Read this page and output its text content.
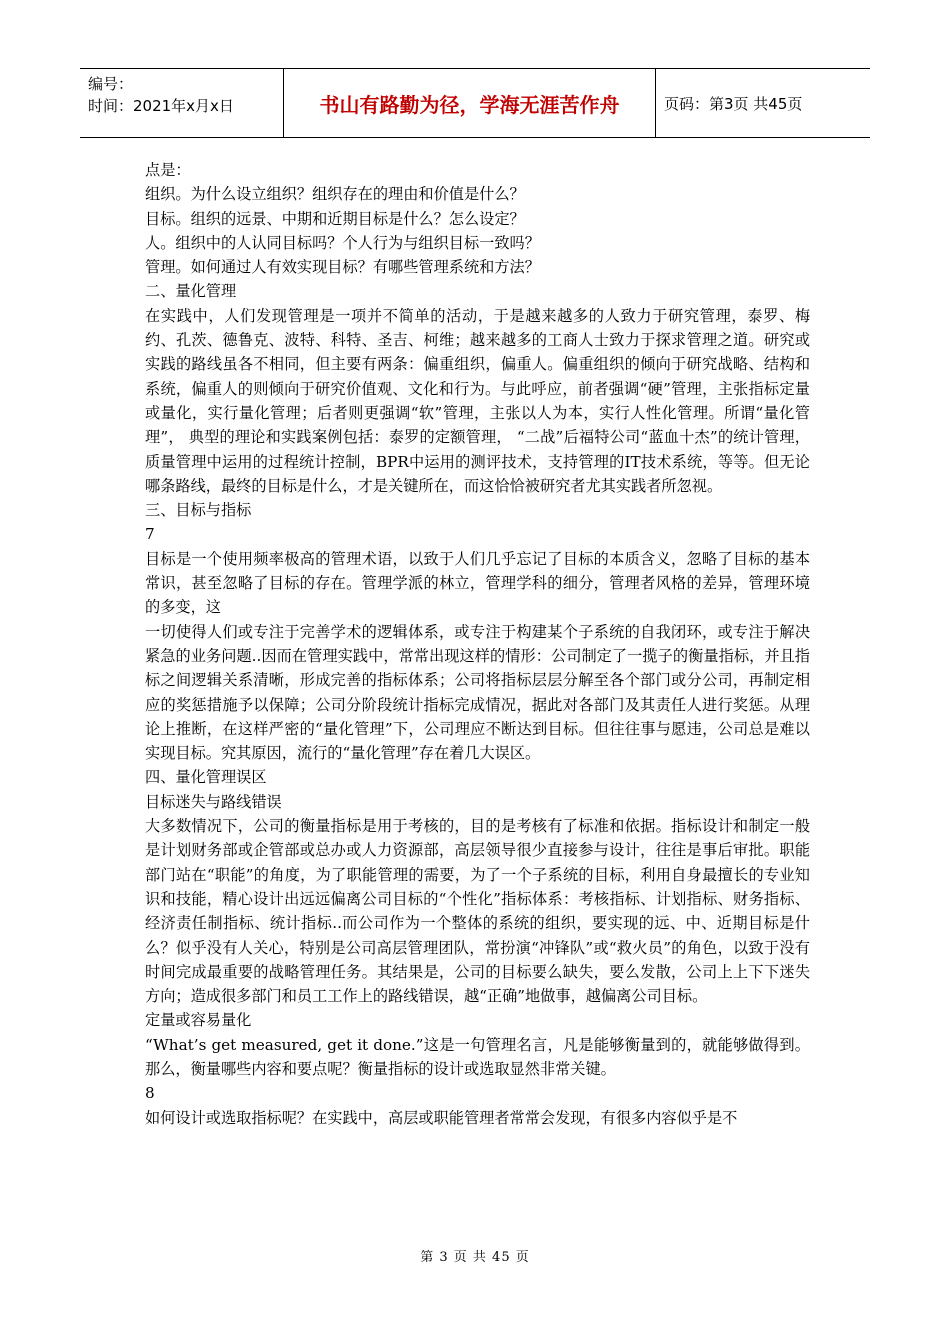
编号：
时间：2021年x月x日	书山有路勤为径，学海无涯苦作舟	页码：第3页 共45页

点是：

组织。为什么设立组织？组织存在的理由和价值是什么？

目标。组织的远景、中期和近期目标是什么？怎么设定？

人。组织中的人认同目标吗？个人行为与组织目标一致吗？

管理。如何通过人有效实现目标？有哪些管理系统和方法？

二、量化管理

在实践中，人们发现管理是一项并不简单的活动，于是越来越多的人致力于研究管理，泰罗、梅约、孔茨、德鲁克、波特、科特、圣吉、柯维；越来越多的工商人士致力于探求管理之道。研究或实践的路线虽各不相同，但主要有两条：偏重组织，偏重人。偏重组织的倾向于研究战略、结构和系统，偏重人的则倾向于研究价值观、文化和行为。与此呼应，前者强调“硬”管理，主张指标定量或量化，实行量化管理；后者则更强调“软”管理，主张以人为本，实行人性化管理。所谓“量化管理”， 典型的理论和实践案例包括：泰罗的定额管理， “二战”后福特公司“蓝血十杰”的统计管理，质量管理中运用的过程统计控制，BPR中运用的测评技术，支持管理的IT技术系统，等等。但无论哪条路线，最终的目标是什么，才是关键所在，而这恰恰被研究者尤其实践者所忽视。

三、目标与指标

7

目标是一个使用频率极高的管理术语，以致于人们几乎忘记了目标的本质含义，忽略了目标的基本常识，甚至忽略了目标的存在。管理学派的林立，管理学科的细分，管理者风格的差异，管理环境的多变，这

一切使得人们或专注于完善学术的逻辑体系，或专注于构建某个子系统的自我闭环，或专注于解决紧急的业务问题..因而在管理实践中，常常出现这样的情形：公司制定了一揽子的衡量指标，并且指标之间逻辑关系清晰，形成完善的指标体系；公司将指标层层分解至各个部门或分公司，再制定相应的奖惩措施予以保障；公司分阶段统计指标完成情况，据此对各部门及其责任人进行奖惩。从理论上推断，在这样严密的“量化管理”下，公司理应不断达到目标。但往往事与愿违，公司总是难以实现目标。究其原因，流行的“量化管理”存在着几大误区。

四、量化管理误区

目标迷失与路线错误

大多数情况下，公司的衡量指标是用于考核的，目的是考核有了标准和依据。指标设计和制定一般是计划财务部或企管部或总办或人力资源部，高层领导很少直接参与设计，往往是事后审批。职能部门站在“职能”的角度，为了职能管理的需要，为了一个子系统的目标，利用自身最擅长的专业知识和技能，精心设计出远远偏离公司目标的“个性化”指标体系：考核指标、计划指标、财务指标、经济责任制指标、统计指标..而公司作为一个整体的系统的组织，要实现的远、中、近期目标是什么？似乎没有人关心，特别是公司高层管理团队，常扮演“冲锋队”或“救火员”的角色，以致于没有时间完成最重要的战略管理任务。其结果是，公司的目标要么缺失，要么发散，公司上上下下迷失方向；造成很多部门和员工工作上的路线错误，越“正确”地做事，越偏离公司目标。

定量或容易量化

“What’s get measured, get it done.”这是一句管理名言，凡是能够衡量到的，就能够做得到。那么，衡量哪些内容和要点呢？衡量指标的设计或选取显然非常关键。

8

如何设计或选取指标呢？在实践中，高层或职能管理者常常会发现，有很多内容似乎是不

第 3 页 共 45 页
